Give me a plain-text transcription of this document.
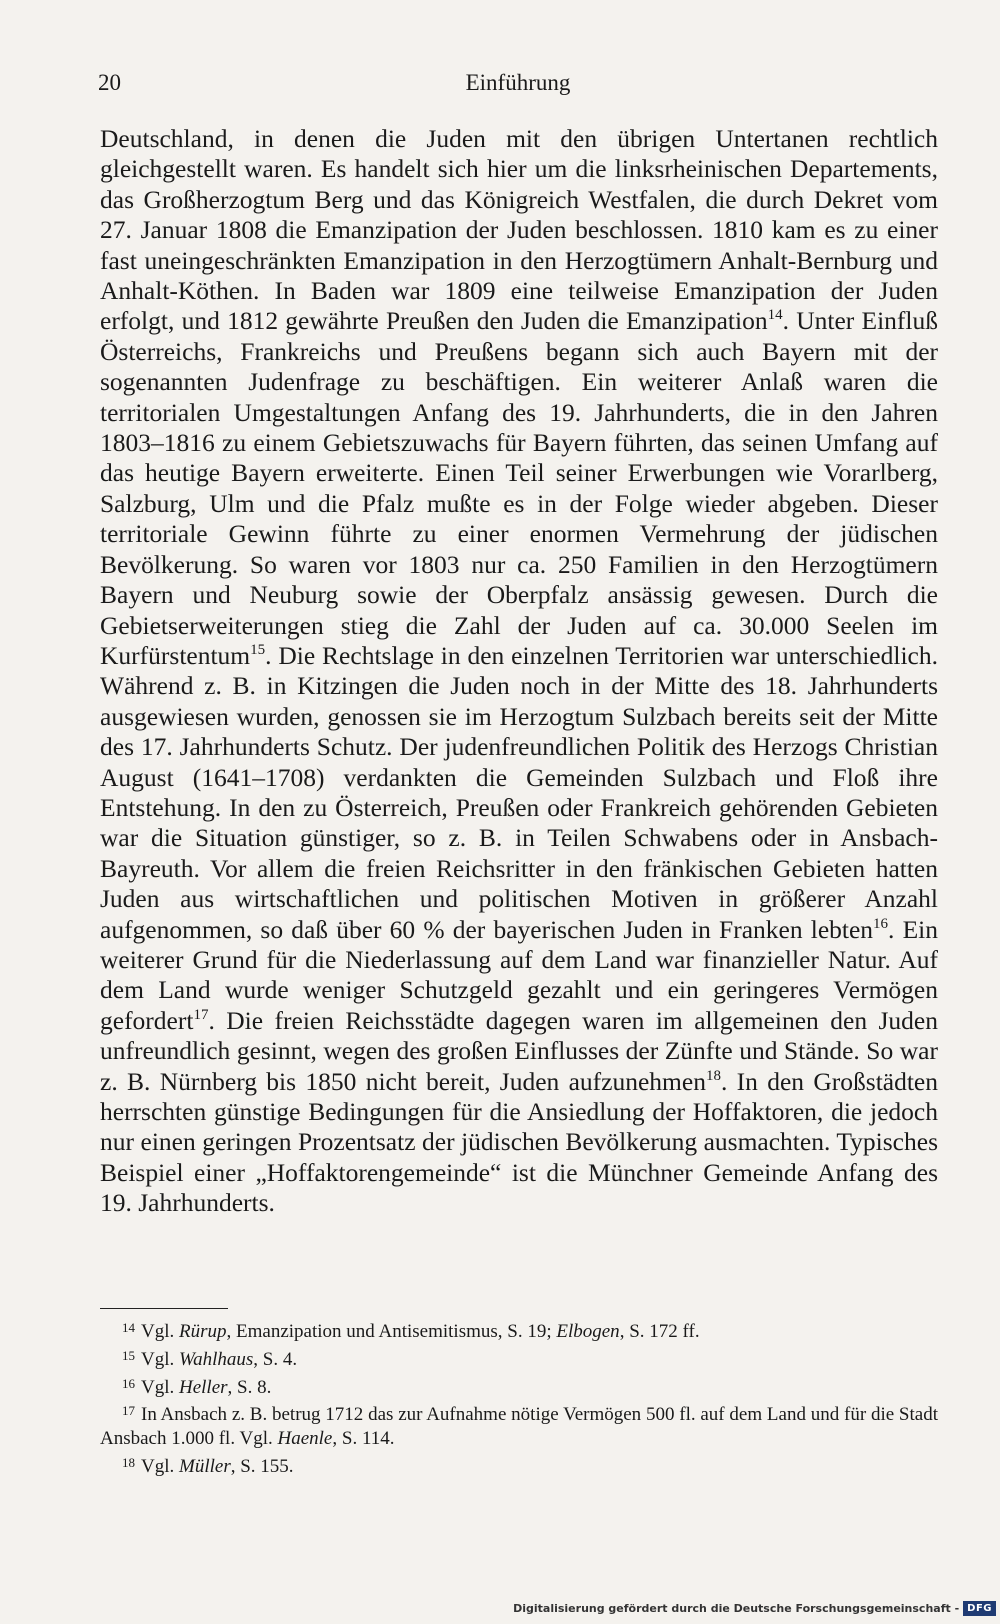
20	Einführung

Deutschland, in denen die Juden mit den übrigen Untertanen rechtlich gleichgestellt waren. Es handelt sich hier um die linksrheinischen Departements, das Großherzogtum Berg und das Königreich Westfalen, die durch Dekret vom 27. Januar 1808 die Emanzipation der Juden beschlossen. 1810 kam es zu einer fast uneingeschränkten Emanzipation in den Herzogtümern Anhalt-Bernburg und Anhalt-Köthen. In Baden war 1809 eine teilweise Emanzipation der Juden erfolgt, und 1812 gewährte Preußen den Juden die Emanzipation$^{14}$. Unter Einfluß Österreichs, Frankreichs und Preußens begann sich auch Bayern mit der sogenannten Judenfrage zu beschäftigen. Ein weiterer Anlaß waren die territorialen Umgestaltungen Anfang des 19. Jahrhunderts, die in den Jahren 1803–1816 zu einem Gebietszuwachs für Bayern führten, das seinen Umfang auf das heutige Bayern erweiterte. Einen Teil seiner Erwerbungen wie Vorarlberg, Salzburg, Ulm und die Pfalz mußte es in der Folge wieder abgeben. Dieser territoriale Gewinn führte zu einer enormen Vermehrung der jüdischen Bevölkerung. So waren vor 1803 nur ca. 250 Familien in den Herzogtümern Bayern und Neuburg sowie der Oberpfalz ansässig gewesen. Durch die Gebietserweiterungen stieg die Zahl der Juden auf ca. 30.000 Seelen im Kurfürstentum$^{15}$. Die Rechtslage in den einzelnen Territorien war unterschiedlich. Während z. B. in Kitzingen die Juden noch in der Mitte des 18. Jahrhunderts ausgewiesen wurden, genossen sie im Herzogtum Sulzbach bereits seit der Mitte des 17. Jahrhunderts Schutz. Der judenfreundlichen Politik des Herzogs Christian August (1641–1708) verdankten die Gemeinden Sulzbach und Floß ihre Entstehung. In den zu Österreich, Preußen oder Frankreich gehörenden Gebieten war die Situation günstiger, so z. B. in Teilen Schwabens oder in Ansbach-Bayreuth. Vor allem die freien Reichsritter in den fränkischen Gebieten hatten Juden aus wirtschaftlichen und politischen Motiven in größerer Anzahl aufgenommen, so daß über 60 % der bayerischen Juden in Franken lebten$^{16}$. Ein weiterer Grund für die Niederlassung auf dem Land war finanzieller Natur. Auf dem Land wurde weniger Schutzgeld gezahlt und ein geringeres Vermögen gefordert$^{17}$. Die freien Reichsstädte dagegen waren im allgemeinen den Juden unfreundlich gesinnt, wegen des großen Einflusses der Zünfte und Stände. So war z. B. Nürnberg bis 1850 nicht bereit, Juden aufzunehmen$^{18}$. In den Großstädten herrschten günstige Bedingungen für die Ansiedlung der Hoffaktoren, die jedoch nur einen geringen Prozentsatz der jüdischen Bevölkerung ausmachten. Typisches Beispiel einer „Hoffaktorengemeinde“ ist die Münchner Gemeinde Anfang des 19. Jahrhunderts.

$^{14}$ Vgl. Rürup, Emanzipation und Antisemitismus, S. 19; Elbogen, S. 172 ff.
$^{15}$ Vgl. Wahlhaus, S. 4.
$^{16}$ Vgl. Heller, S. 8.
$^{17}$ In Ansbach z. B. betrug 1712 das zur Aufnahme nötige Vermögen 500 fl. auf dem Land und für die Stadt Ansbach 1.000 fl. Vgl. Haenle, S. 114.
$^{18}$ Vgl. Müller, S. 155.
Digitalisierung gefördert durch die Deutsche Forschungsgemeinschaft - DFG
